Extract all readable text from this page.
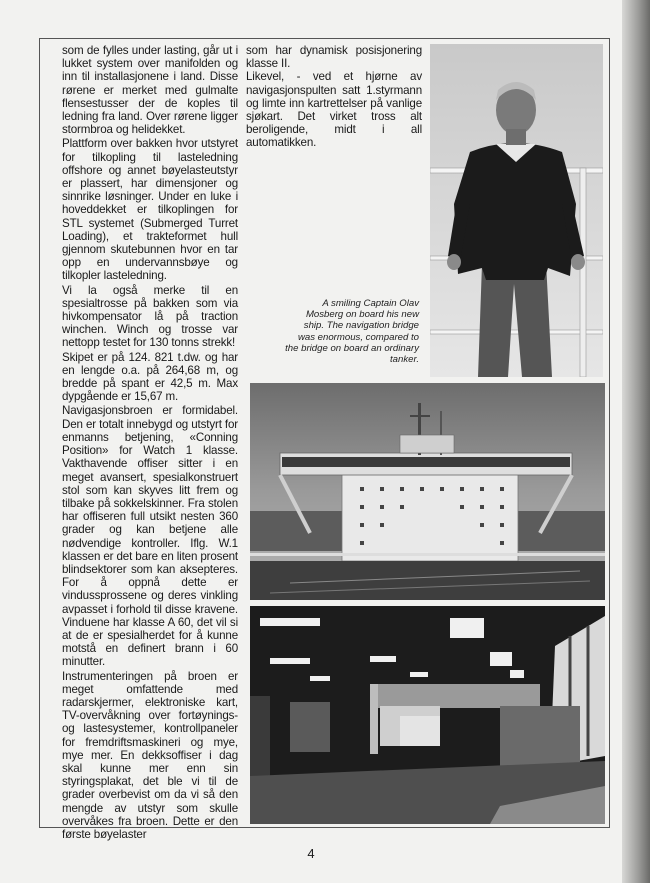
som de fylles under lasting, går ut i lukket system over manifolden og inn til installasjonene i land. Disse rørene er merket med gulmalte flensestusser der de koples til ledning fra land. Over rørene ligger stormbroa og helidekket.

Plattform over bakken hvor utstyret for tilkopling til lasteledning offshore og annet bøyelasteutstyr er plassert, har dimensjoner og sinnrike løsninger. Under en luke i hoveddekket er tilkoplingen for STL systemet (Submerged Turret Loading), et trakteformet hull gjennom skutebunnen hvor en tar opp en undervannsbøye og tilkopler lasteledning.

Vi la også merke til en spesialtrosse på bakken som via hivkompensator lå på traction winchen. Winch og trosse var nettopp testet for 130 tonns strekk!

Skipet er på 124. 821 t.dw. og har en lengde o.a. på 264,68 m, og bredde på spant er 42,5 m. Max dypgående er 15,67 m.

Navigasjonsbroen er formidabel. Den er totalt innebygd og utstyrt for enmanns betjening, «Conning Position» for Watch 1 klasse. Vakthavende offiser sitter i en meget avansert, spesialkonstruert stol som kan skyves litt frem og tilbake på sokkelskinner. Fra stolen har offiseren full utsikt nesten 360 grader og kan betjene alle nødvendige kontroller. Iflg. W.1 klassen er det bare en liten prosent blindsektorer som kan aksepteres. For å oppnå dette er vindussprossene og deres vinkling avpasset i forhold til disse kravene. Vinduene har klasse A 60, det vil si at de er spesialherdet for å kunne motstå en definert brann i 60 minutter.

Instrumenteringen på broen er meget omfattende med radarskjermer, elektroniske kart, TV-overvåkning over fortøynings- og lastesystemer, kontrollpaneler for fremdriftsmaskineri og mye, mye mer. En dekksoffiser i dag skal kunne mer enn sin styringsplakat, det ble vi til de grader overbevist om da vi så den mengde av utstyr som skulle overvåkes fra broen. Dette er den første bøyelaster

som har dynamisk posisjonering klasse II.

Likevel, - ved et hjørne av navigasjonspulten satt 1.styrmann og limte inn kartrettelser på vanlige sjøkart. Det virket tross alt beroligende, midt i all automatikken.

A smiling Captain Olav Mosberg on board his new ship. The navigation bridge was enormous, compared to the bridge on board an ordinary tanker.
4
